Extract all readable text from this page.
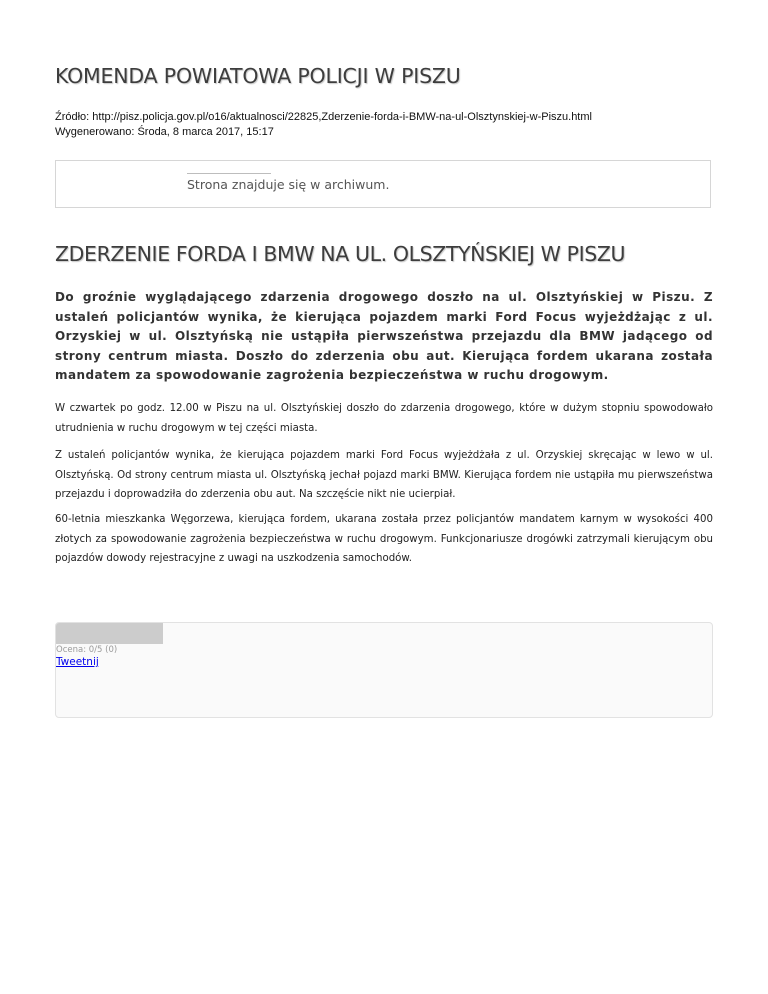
KOMENDA POWIATOWA POLICJI W PISZU
Źródło: http://pisz.policja.gov.pl/o16/aktualnosci/22825,Zderzenie-forda-i-BMW-na-ul-Olsztynskiej-w-Piszu.html
Wygenerowano: Środa, 8 marca 2017, 15:17
Strona znajduje się w archiwum.
ZDERZENIE FORDA I BMW NA UL. OLSZTYŃSKIEJ W PISZU

Do groźnie wyglądającego zdarzenia drogowego doszło na ul. Olsztyńskiej w Piszu. Z ustaleń policjantów wynika, że kierująca pojazdem marki Ford Focus wyjeżdżając z ul. Orzyskiej w ul. Olsztyńską nie ustąpiła pierwszeństwa przejazdu dla BMW jadącego od strony centrum miasta. Doszło do zderzenia obu aut. Kierująca fordem ukarana została mandatem za spowodowanie zagrożenia bezpieczeństwa w ruchu drogowym.

W czwartek po godz. 12.00 w Piszu na ul. Olsztyńskiej doszło do zdarzenia drogowego, które w dużym stopniu spowodowało utrudnienia w ruchu drogowym w tej części miasta.

Z ustaleń policjantów wynika, że kierująca pojazdem marki Ford Focus wyjeżdżała z ul. Orzyskiej skręcając w lewo w ul. Olsztyńską. Od strony centrum miasta ul. Olsztyńską jechał pojazd marki BMW. Kierująca fordem nie ustąpiła mu pierwszeństwa przejazdu i doprowadziła do zderzenia obu aut. Na szczęście nikt nie ucierpiał.

60-letnia mieszkanka Węgorzewa, kierująca fordem, ukarana została przez policjantów mandatem karnym w wysokości 400 złotych za spowodowanie zagrożenia bezpieczeństwa w ruchu drogowym. Funkcjonariusze drogówki zatrzymali kierującym obu pojazdów dowody rejestracyjne z uwagi na uszkodzenia samochodów.

Ocena: 0/5 (0)
Tweetnij
